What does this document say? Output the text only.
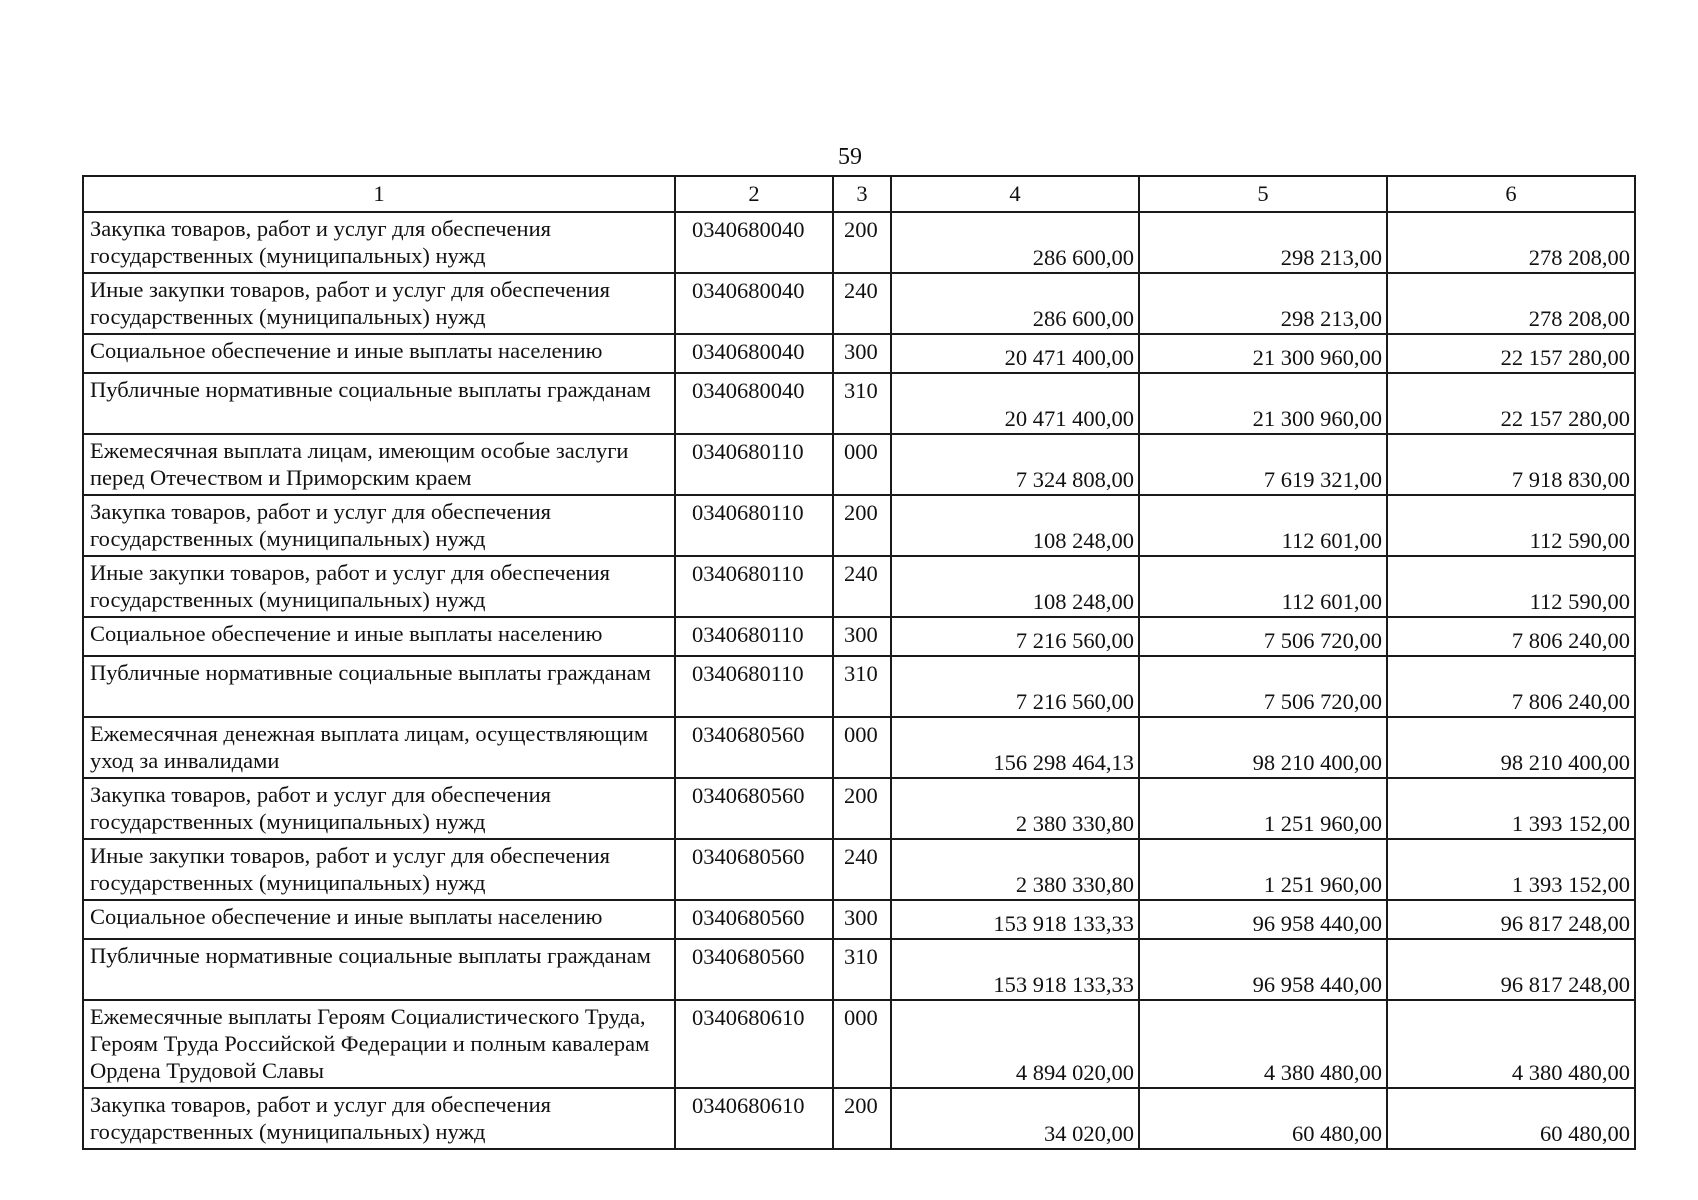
59
1	2	3	4	5	6
Закупка товаров, работ и услуг для обеспечения государственных (муниципальных) нужд	0340680040	200	286 600,00	298 213,00	278 208,00
Иные закупки товаров, работ и услуг для обеспечения государственных (муниципальных) нужд	0340680040	240	286 600,00	298 213,00	278 208,00
Социальное обеспечение и иные выплаты населению	0340680040	300	20 471 400,00	21 300 960,00	22 157 280,00
Публичные нормативные социальные выплаты гражданам	0340680040	310	20 471 400,00	21 300 960,00	22 157 280,00
Ежемесячная выплата лицам, имеющим особые заслуги перед Отечеством и Приморским краем	0340680110	000	7 324 808,00	7 619 321,00	7 918 830,00
Закупка товаров, работ и услуг для обеспечения государственных (муниципальных) нужд	0340680110	200	108 248,00	112 601,00	112 590,00
Иные закупки товаров, работ и услуг для обеспечения государственных (муниципальных) нужд	0340680110	240	108 248,00	112 601,00	112 590,00
Социальное обеспечение и иные выплаты населению	0340680110	300	7 216 560,00	7 506 720,00	7 806 240,00
Публичные нормативные социальные выплаты гражданам	0340680110	310	7 216 560,00	7 506 720,00	7 806 240,00
Ежемесячная денежная выплата лицам, осуществляющим уход за инвалидами	0340680560	000	156 298 464,13	98 210 400,00	98 210 400,00
Закупка товаров, работ и услуг для обеспечения государственных (муниципальных) нужд	0340680560	200	2 380 330,80	1 251 960,00	1 393 152,00
Иные закупки товаров, работ и услуг для обеспечения государственных (муниципальных) нужд	0340680560	240	2 380 330,80	1 251 960,00	1 393 152,00
Социальное обеспечение и иные выплаты населению	0340680560	300	153 918 133,33	96 958 440,00	96 817 248,00
Публичные нормативные социальные выплаты гражданам	0340680560	310	153 918 133,33	96 958 440,00	96 817 248,00
Ежемесячные выплаты Героям Социалистического Труда, Героям Труда Российской Федерации и полным кавалерам Ордена Трудовой Славы	0340680610	000	4 894 020,00	4 380 480,00	4 380 480,00
Закупка товаров, работ и услуг для обеспечения государственных (муниципальных) нужд	0340680610	200	34 020,00	60 480,00	60 480,00
